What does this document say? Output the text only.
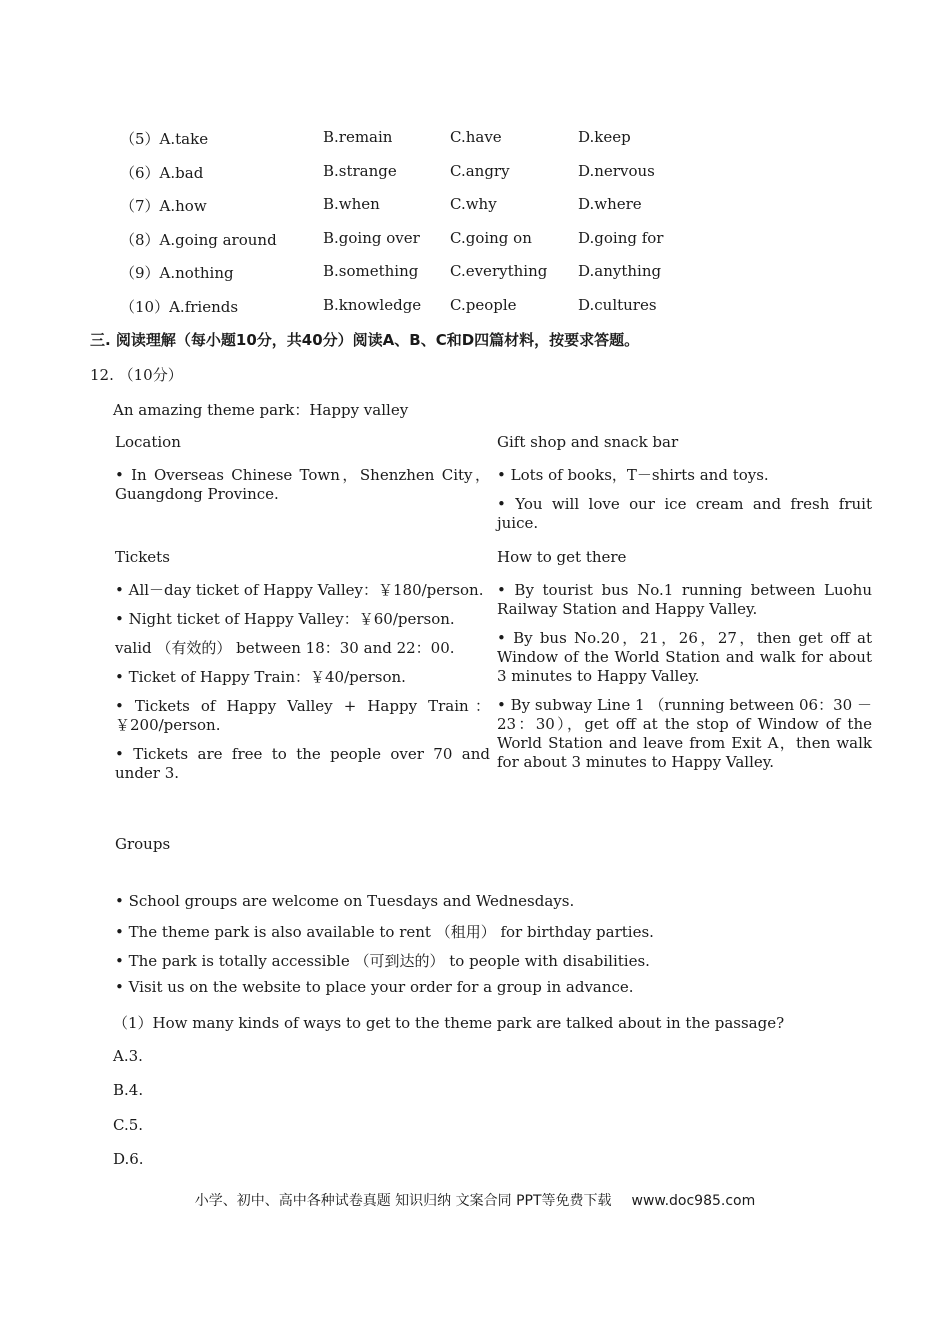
（5）A.take	B.remain	C.have	D.keep
（6）A.bad	B.strange	C.angry	D.nervous
（7）A.how	B.when	C.why	D.where
（8）A.going around	B.going over C.going on	D.going for
（9）A.nothing	B.something C.everything D.anything
（10）A.friends	B.knowledge C.people	D.cultures
三. 阅读理解（每小题10分，共40分）阅读A、B、C和D四篇材料，按要求答题。
12. （10分）
An amazing theme park：Happy valley

Location

• In Overseas Chinese Town，Shenzhen City，Guangdong Province.

Tickets

• All－day ticket of Happy Valley：￥180/person.

• Night ticket of Happy Valley：￥60/person.

valid （有效的） between 18：30 and 22：00.

• Ticket of Happy Train：￥40/person.

• Tickets of Happy Valley + Happy Train：￥200/person.

• Tickets are free to the people over 70 and under 3.

Gift shop and snack bar

• Lots of books，T－shirts and toys.

• You will love our ice cream and fresh fruit juice.

How to get there

• By tourist bus No.1 running between Luohu Railway Station and Happy Valley.

• By bus No.20，21，26，27，then get off at Window of the World Station and walk for about 3 minutes to Happy Valley.

• By subway Line 1 （running between 06：30 － 23：30），get off at the stop of Window of the World Station and leave from Exit A，then walk for about 3 minutes to Happy Valley.

Groups
• School groups are welcome on Tuesdays and Wednesdays.
• The theme park is also available to rent （租用） for birthday parties.
• The park is totally accessible （可到达的） to people with disabilities.
• Visit us on the website to place your order for a group in advance.
（1）How many kinds of ways to get to the theme park are talked about in the passage?
A.3.
B.4.
C.5.
D.6.
小学、初中、高中各种试卷真题 知识归纳 文案合同 PPT等免费下载 www.doc985.com
